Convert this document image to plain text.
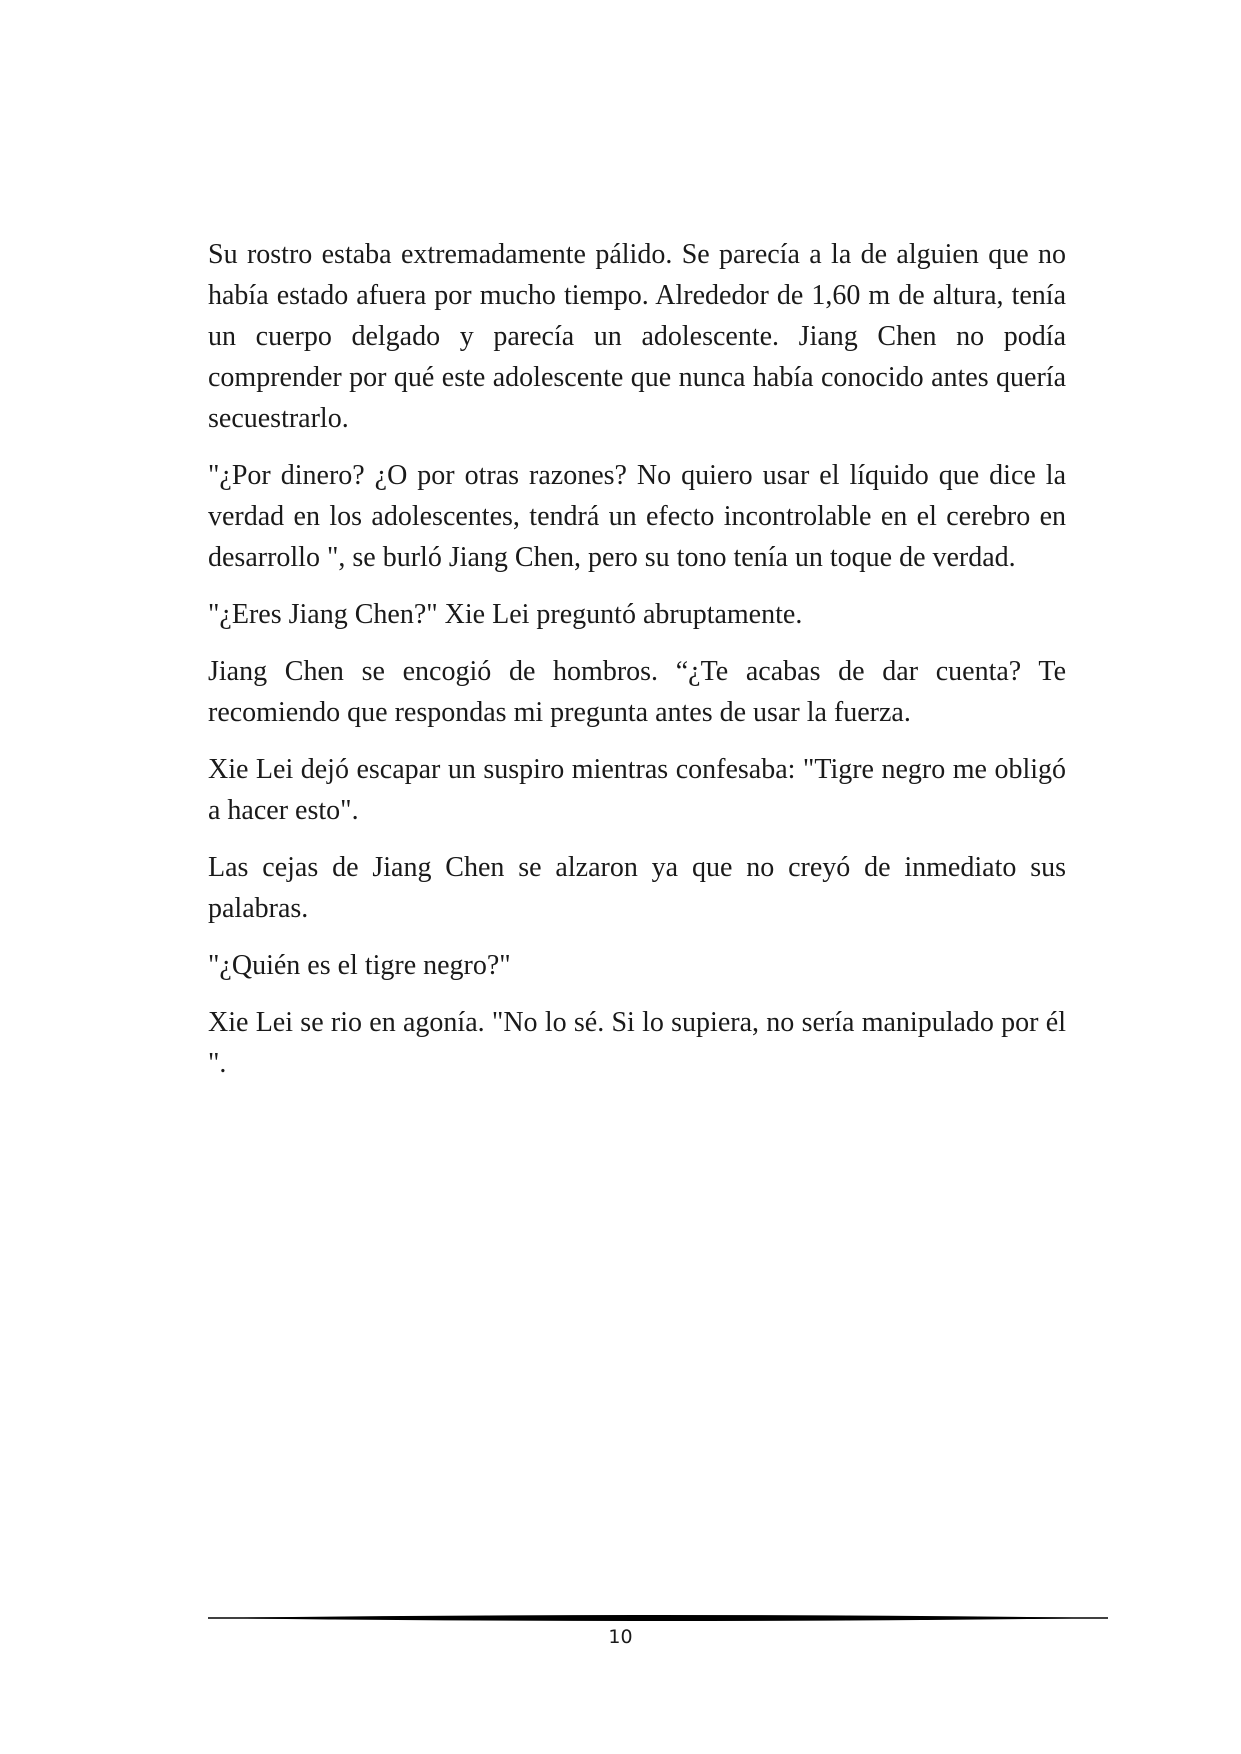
Su rostro estaba extremadamente pálido. Se parecía a la de alguien que no había estado afuera por mucho tiempo. Alrededor de 1,60 m de altura, tenía un cuerpo delgado y parecía un adolescente. Jiang Chen no podía comprender por qué este adolescente que nunca había conocido antes quería secuestrarlo.

"¿Por dinero? ¿O por otras razones? No quiero usar el líquido que dice la verdad en los adolescentes, tendrá un efecto incontrolable en el cerebro en desarrollo ", se burló Jiang Chen, pero su tono tenía un toque de verdad.

"¿Eres Jiang Chen?" Xie Lei preguntó abruptamente.

Jiang Chen se encogió de hombros. “¿Te acabas de dar cuenta? Te recomiendo que respondas mi pregunta antes de usar la fuerza.

Xie Lei dejó escapar un suspiro mientras confesaba: "Tigre negro me obligó a hacer esto".

Las cejas de Jiang Chen se alzaron ya que no creyó de inmediato sus palabras.

"¿Quién es el tigre negro?"

Xie Lei se rio en agonía. "No lo sé. Si lo supiera, no sería manipulado por él ".

10
